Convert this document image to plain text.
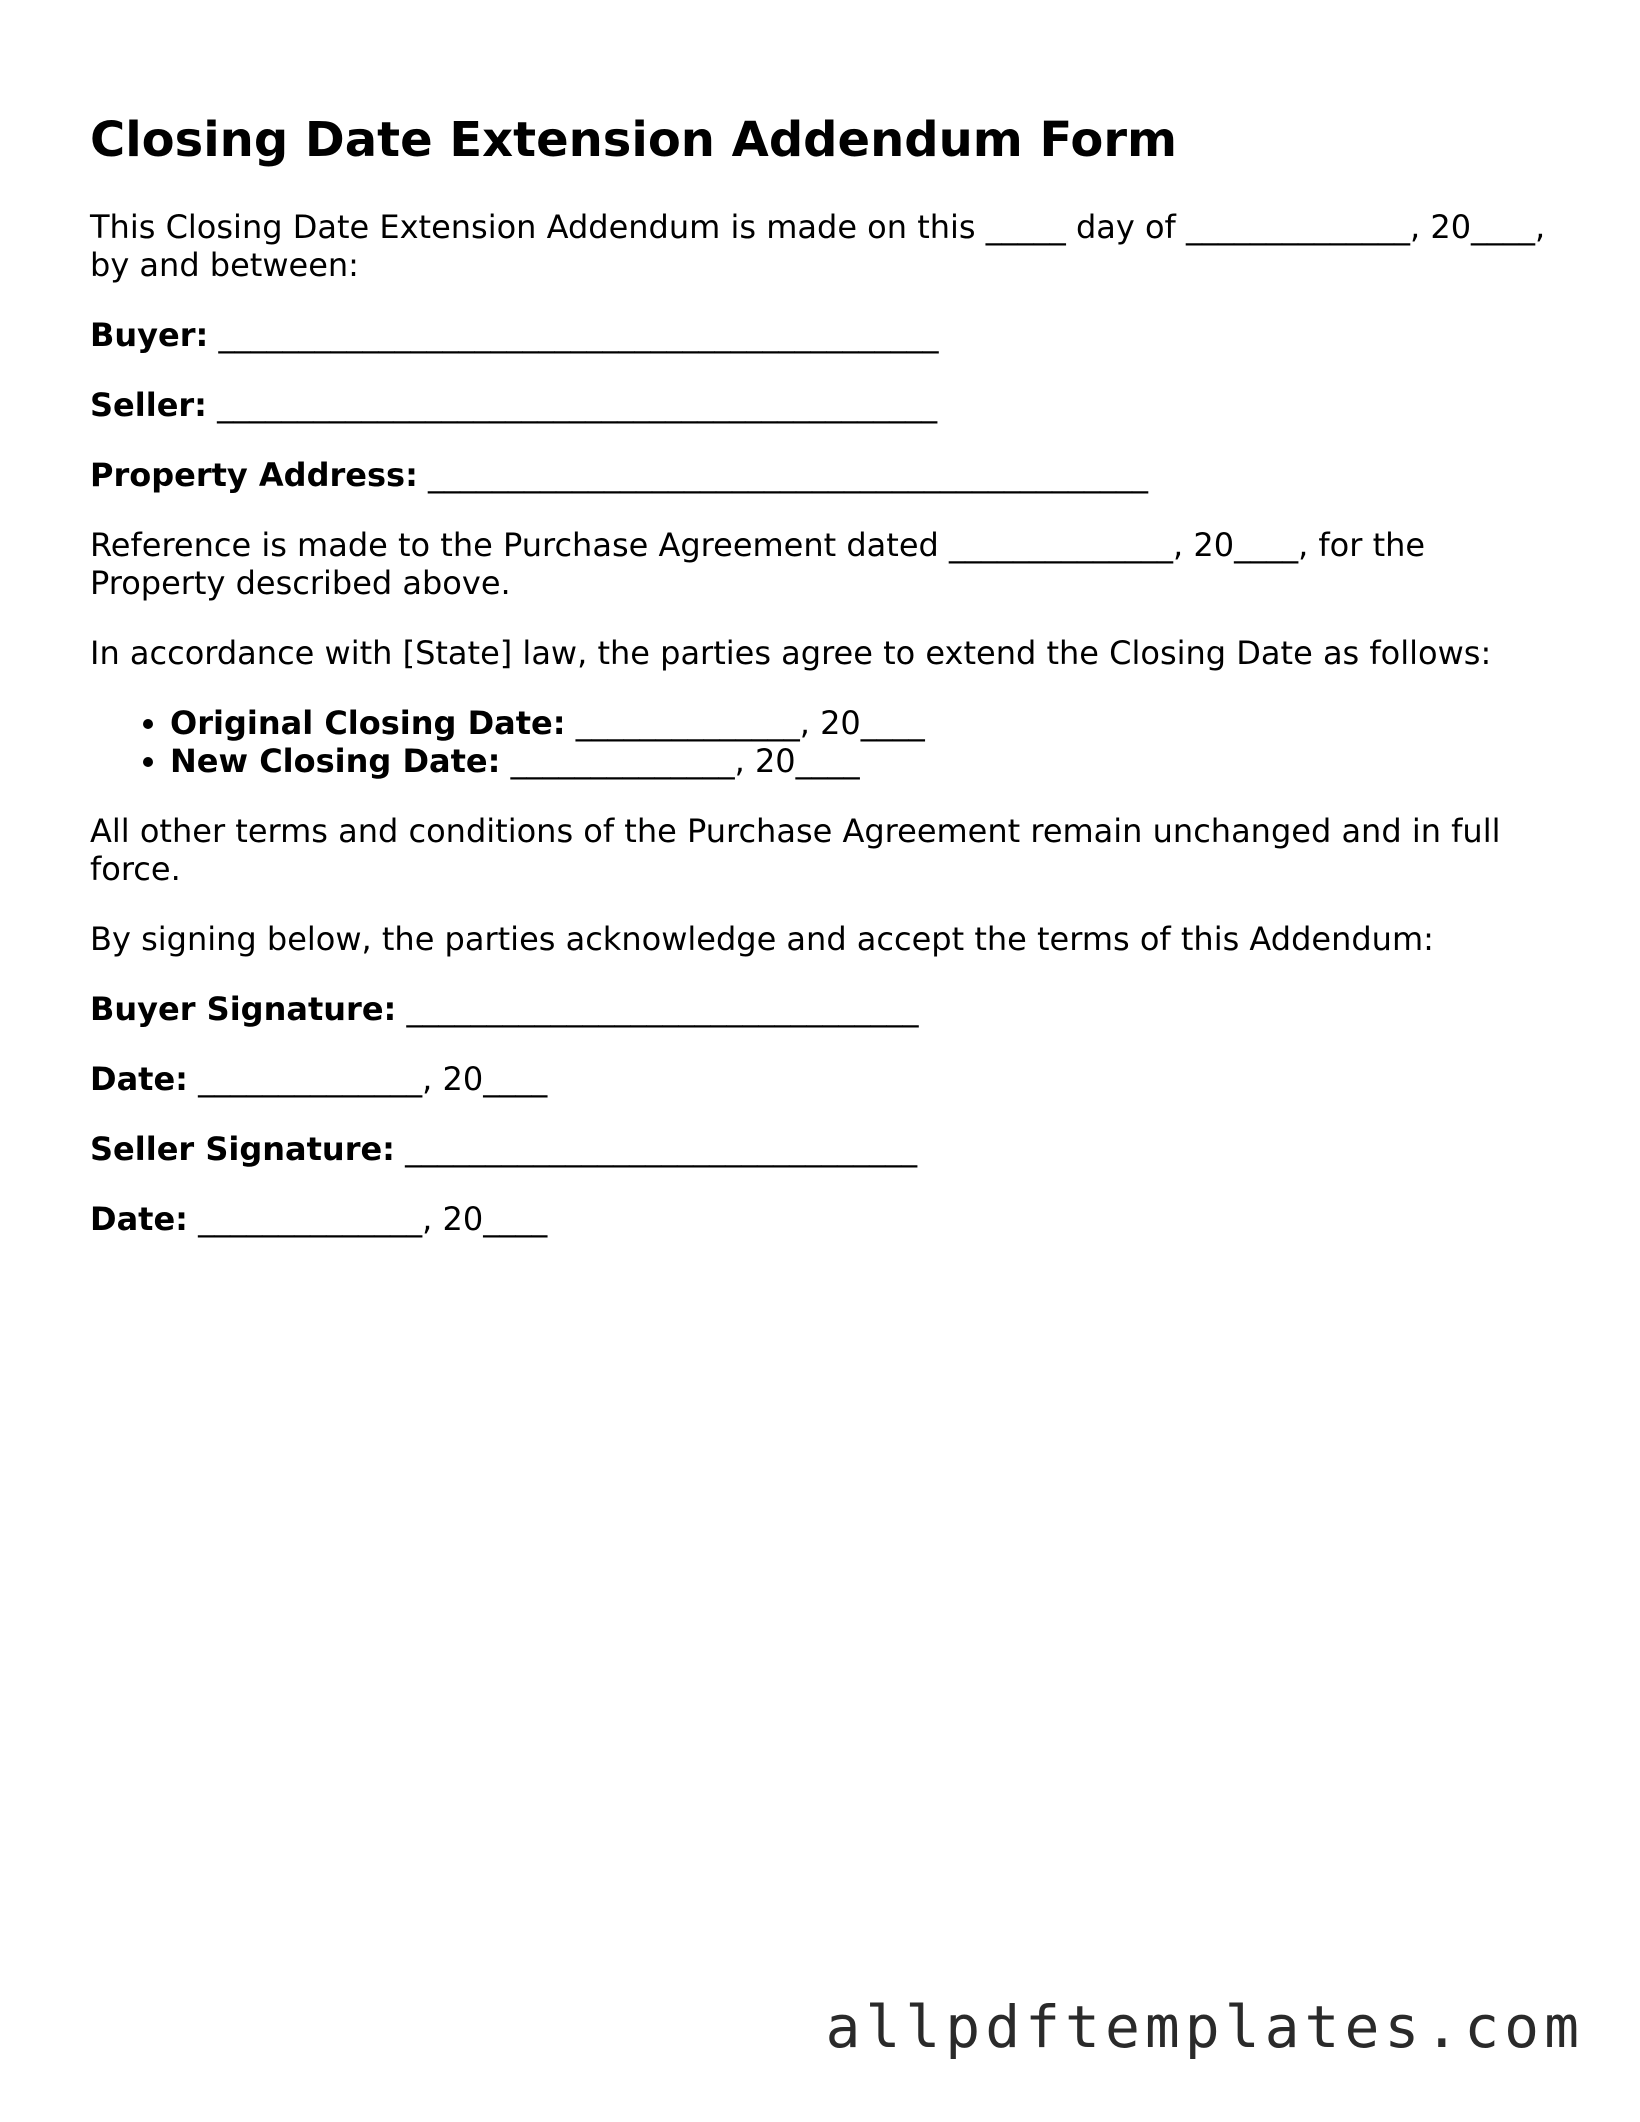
Closing Date Extension Addendum Form

This Closing Date Extension Addendum is made on this _____ day of ______________, 20____, by and between:

Buyer: _____________________________________________
Seller: _____________________________________________
Property Address: _____________________________________________

Reference is made to the Purchase Agreement dated ______________, 20____, for the Property described above.

In accordance with [State] law, the parties agree to extend the Closing Date as follows:

• Original Closing Date: ______________, 20____
• New Closing Date: ______________, 20____

All other terms and conditions of the Purchase Agreement remain unchanged and in full force.

By signing below, the parties acknowledge and accept the terms of this Addendum:

Buyer Signature: ________________________________
Date: ______________, 20____
Seller Signature: ________________________________
Date: ______________, 20____
allpdftemplates.com
